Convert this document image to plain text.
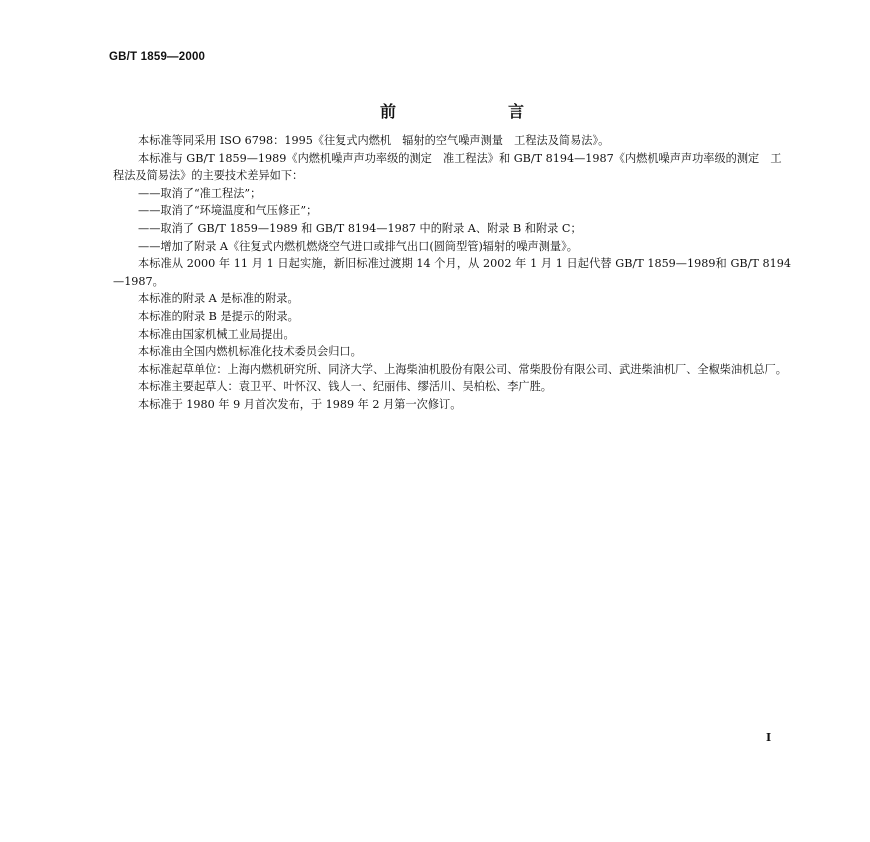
GB/T 1859—2000
前　言

本标准等同采用 ISO 6798：1995《往复式内燃机　辐射的空气噪声测量　工程法及简易法》。

本标准与 GB/T 1859—1989《内燃机噪声声功率级的测定　准工程法》和 GB/T 8194—1987《内燃机噪声声功率级的测定　工程法及简易法》的主要技术差异如下：

——取消了“准工程法”；

——取消了“环境温度和气压修正”；

——取消了 GB/T 1859—1989 和 GB/T 8194—1987 中的附录 A、附录 B 和附录 C；

——增加了附录 A《往复式内燃机燃烧空气进口或排气出口(圆筒型管)辐射的噪声测量》。

本标准从 2000 年 11 月 1 日起实施，新旧标准过渡期 14 个月，从 2002 年 1 月 1 日起代替 GB/T 1859—1989和 GB/T 8194—1987。

本标准的附录 A 是标准的附录。

本标准的附录 B 是提示的附录。

本标准由国家机械工业局提出。

本标准由全国内燃机标准化技术委员会归口。

本标准起草单位：上海内燃机研究所、同济大学、上海柴油机股份有限公司、常柴股份有限公司、武进柴油机厂、全椒柴油机总厂。

本标准主要起草人：袁卫平、叶怀汉、钱人一、纪丽伟、缪活川、吴柏松、李广胜。

本标准于 1980 年 9 月首次发布，于 1989 年 2 月第一次修订。

I
